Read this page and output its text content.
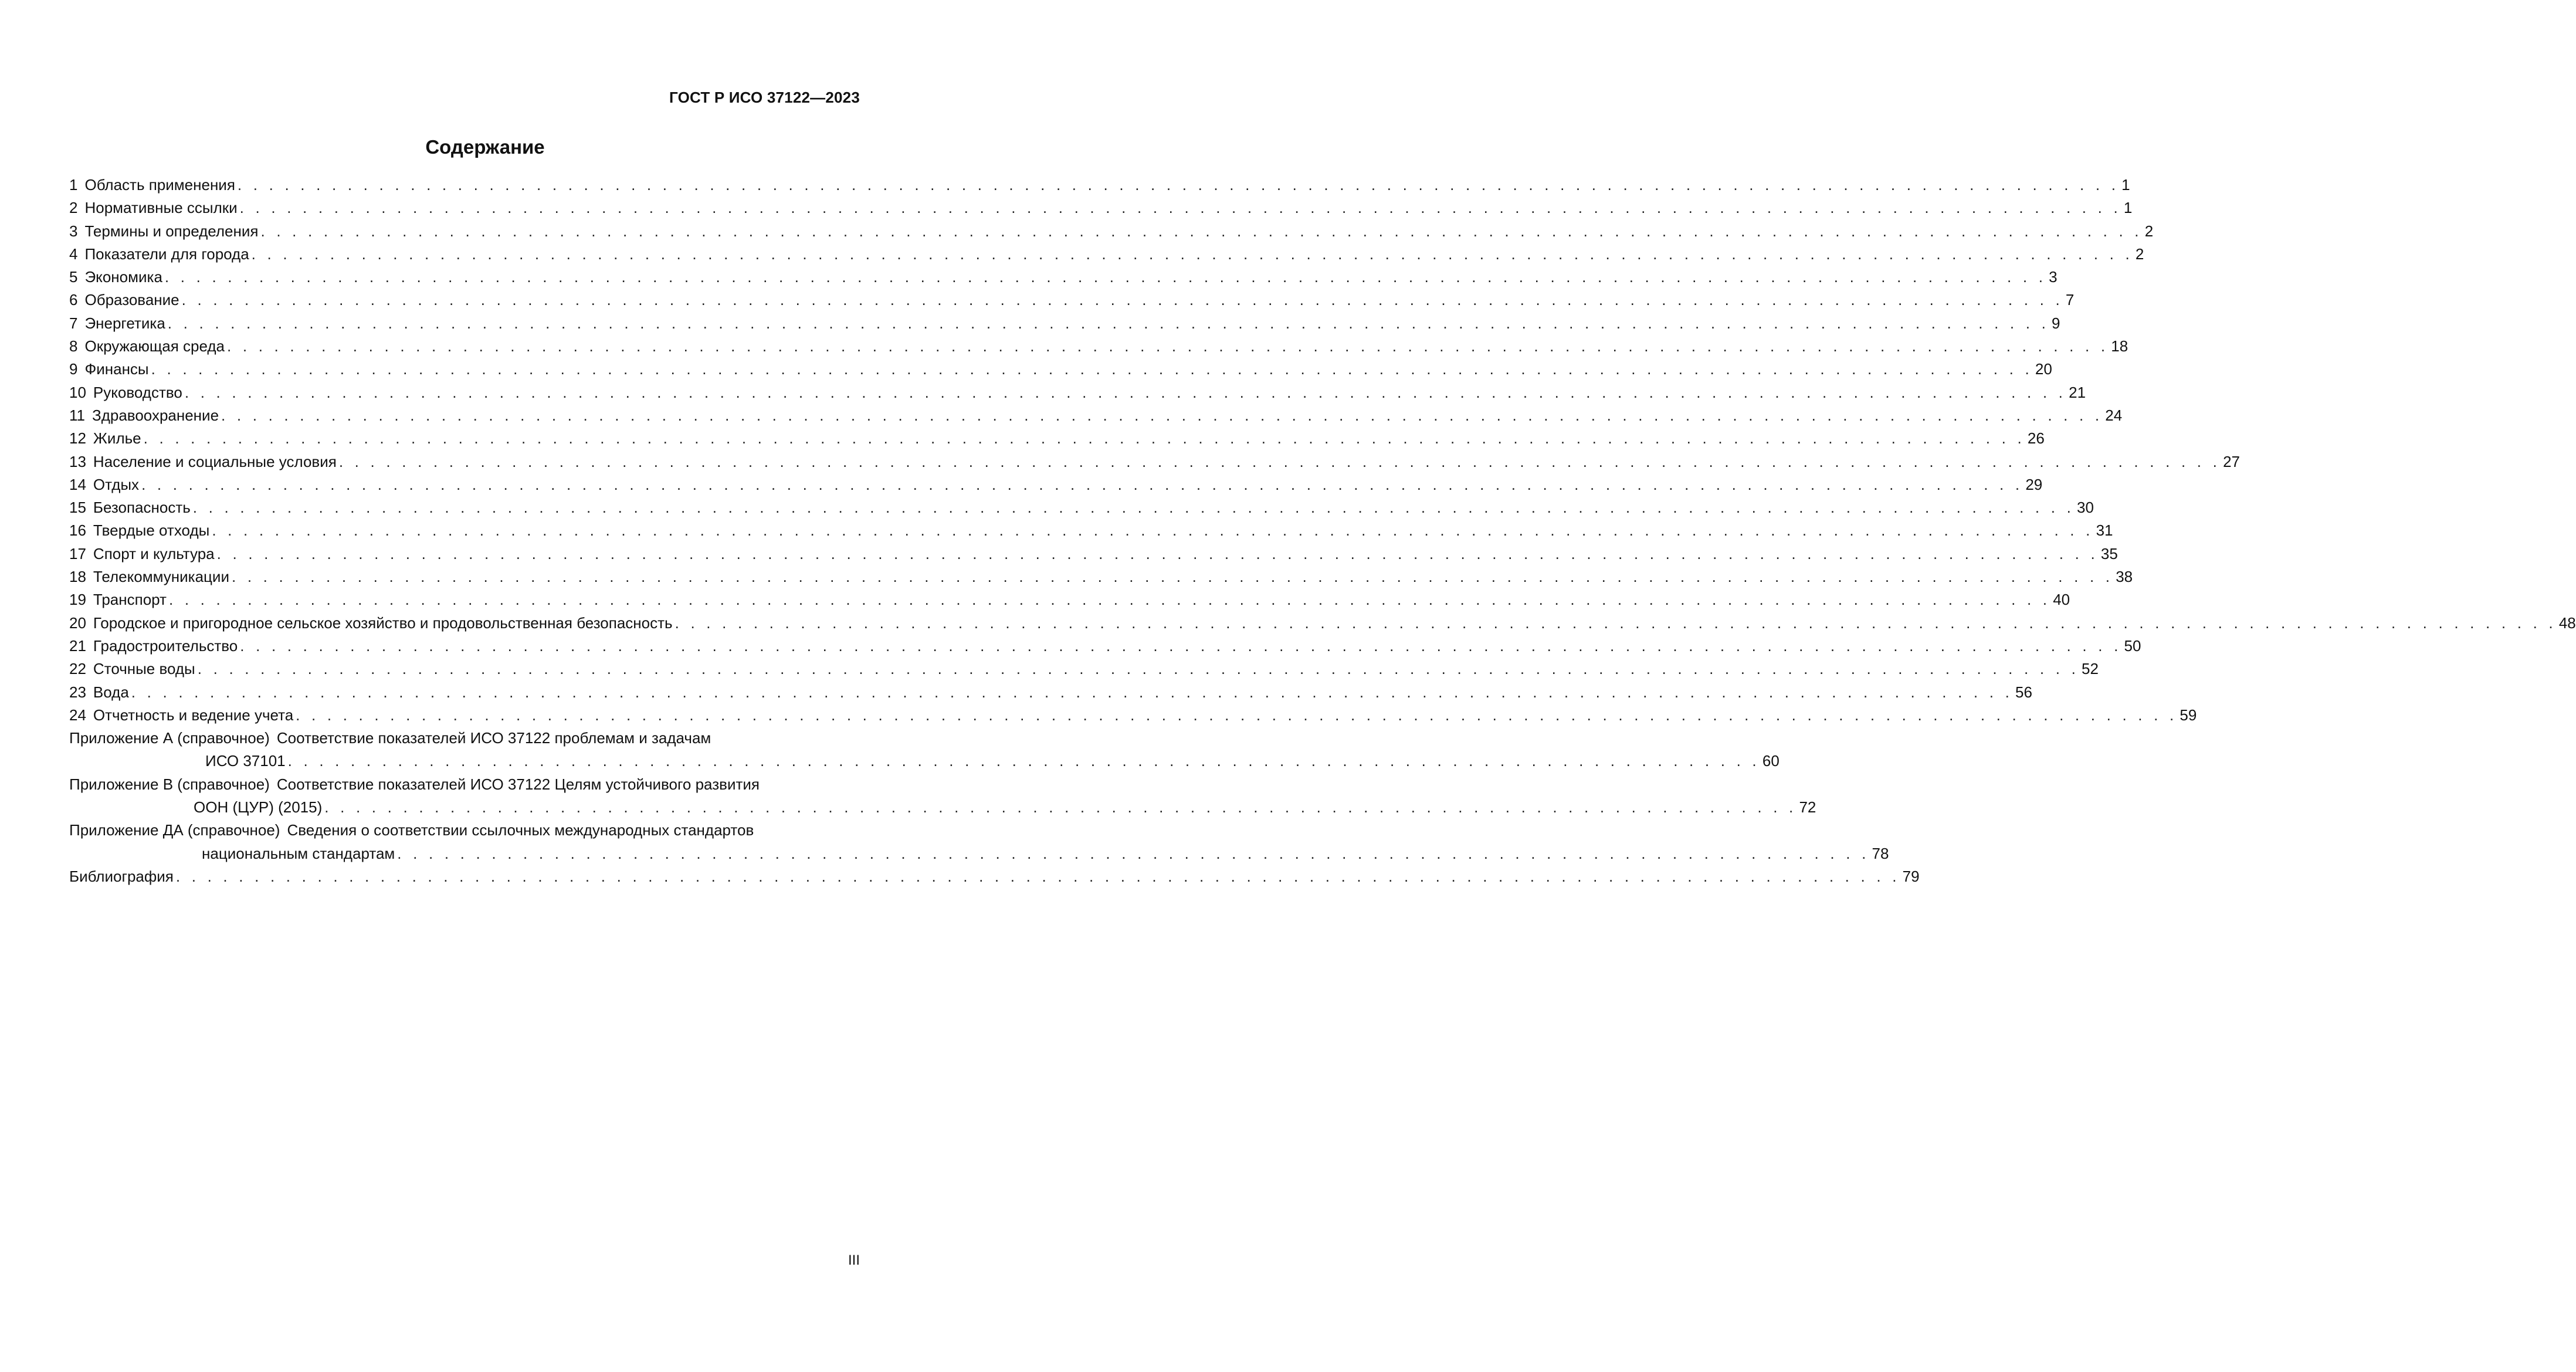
ГОСТ Р ИСО 37122—2023
Содержание
1 Область применения . . . . . . . . . . . . . . . . . . . . . . . . . . . . . . . . . . . . . . . . . . . . . . . . . . . . . . . . . . . . . . . . . . . . . . . . . . . . . . . . . . . . . . . . . . . . . . . . . . . . . . . . . . . . . . . . . . . . . . . . 1
2 Нормативные ссылки . . . . . . . . . . . . . . . . . . . . . . . . . . . . . . . . . . . . . . . . . . . . . . . . . . . . . . . . . . . . . . . . . . . . . . . . . . . . . . . . . . . . . . . . . . . . . . . . . . . . . . . . . . . . . . . . . . . . . . . . 1
3 Термины и определения . . . . . . . . . . . . . . . . . . . . . . . . . . . . . . . . . . . . . . . . . . . . . . . . . . . . . . . . . . . . . . . . . . . . . . . . . . . . . . . . . . . . . . . . . . . . . . . . . . . . . . . . . . . . . . . . . . . . . . . . 2
4 Показатели для города . . . . . . . . . . . . . . . . . . . . . . . . . . . . . . . . . . . . . . . . . . . . . . . . . . . . . . . . . . . . . . . . . . . . . . . . . . . . . . . . . . . . . . . . . . . . . . . . . . . . . . . . . . . . . . . . . . . . . . . . 2
5 Экономика . . . . . . . . . . . . . . . . . . . . . . . . . . . . . . . . . . . . . . . . . . . . . . . . . . . . . . . . . . . . . . . . . . . . . . . . . . . . . . . . . . . . . . . . . . . . . . . . . . . . . . . . . . . . . . . . . . . . . . . . 3
6 Образование . . . . . . . . . . . . . . . . . . . . . . . . . . . . . . . . . . . . . . . . . . . . . . . . . . . . . . . . . . . . . . . . . . . . . . . . . . . . . . . . . . . . . . . . . . . . . . . . . . . . . . . . . . . . . . . . . . . . . . . . 7
7 Энергетика . . . . . . . . . . . . . . . . . . . . . . . . . . . . . . . . . . . . . . . . . . . . . . . . . . . . . . . . . . . . . . . . . . . . . . . . . . . . . . . . . . . . . . . . . . . . . . . . . . . . . . . . . . . . . . . . . . . . . . . . 9
8 Окружающая среда . . . . . . . . . . . . . . . . . . . . . . . . . . . . . . . . . . . . . . . . . . . . . . . . . . . . . . . . . . . . . . . . . . . . . . . . . . . . . . . . . . . . . . . . . . . . . . . . . . . . . . . . . . . . . . . . . . . . . . . . 18
9 Финансы . . . . . . . . . . . . . . . . . . . . . . . . . . . . . . . . . . . . . . . . . . . . . . . . . . . . . . . . . . . . . . . . . . . . . . . . . . . . . . . . . . . . . . . . . . . . . . . . . . . . . . . . . . . . . . . . . . . . . . . . 20
10 Руководство . . . . . . . . . . . . . . . . . . . . . . . . . . . . . . . . . . . . . . . . . . . . . . . . . . . . . . . . . . . . . . . . . . . . . . . . . . . . . . . . . . . . . . . . . . . . . . . . . . . . . . . . . . . . . . . . . . . . . . . . 21
11 Здравоохранение . . . . . . . . . . . . . . . . . . . . . . . . . . . . . . . . . . . . . . . . . . . . . . . . . . . . . . . . . . . . . . . . . . . . . . . . . . . . . . . . . . . . . . . . . . . . . . . . . . . . . . . . . . . . . . . . . . . . . . . . 24
12 Жилье . . . . . . . . . . . . . . . . . . . . . . . . . . . . . . . . . . . . . . . . . . . . . . . . . . . . . . . . . . . . . . . . . . . . . . . . . . . . . . . . . . . . . . . . . . . . . . . . . . . . . . . . . . . . . . . . . . . . . . . . 26
13 Население и социальные условия . . . . . . . . . . . . . . . . . . . . . . . . . . . . . . . . . . . . . . . . . . . . . . . . . . . . . . . . . . . . . . . . . . . . . . . . . . . . . . . . . . . . . . . . . . . . . . . . . . . . . . . . . . . . . . . . . . . . . . . . 27
14 Отдых . . . . . . . . . . . . . . . . . . . . . . . . . . . . . . . . . . . . . . . . . . . . . . . . . . . . . . . . . . . . . . . . . . . . . . . . . . . . . . . . . . . . . . . . . . . . . . . . . . . . . . . . . . . . . . . . . . . . . . . . 29
15 Безопасность . . . . . . . . . . . . . . . . . . . . . . . . . . . . . . . . . . . . . . . . . . . . . . . . . . . . . . . . . . . . . . . . . . . . . . . . . . . . . . . . . . . . . . . . . . . . . . . . . . . . . . . . . . . . . . . . . . . . . . . . 30
16 Твердые отходы . . . . . . . . . . . . . . . . . . . . . . . . . . . . . . . . . . . . . . . . . . . . . . . . . . . . . . . . . . . . . . . . . . . . . . . . . . . . . . . . . . . . . . . . . . . . . . . . . . . . . . . . . . . . . . . . . . . . . . . . 31
17 Спорт и культура . . . . . . . . . . . . . . . . . . . . . . . . . . . . . . . . . . . . . . . . . . . . . . . . . . . . . . . . . . . . . . . . . . . . . . . . . . . . . . . . . . . . . . . . . . . . . . . . . . . . . . . . . . . . . . . . . . . . . . . . 35
18 Телекоммуникации . . . . . . . . . . . . . . . . . . . . . . . . . . . . . . . . . . . . . . . . . . . . . . . . . . . . . . . . . . . . . . . . . . . . . . . . . . . . . . . . . . . . . . . . . . . . . . . . . . . . . . . . . . . . . . . . . . . . . . . . 38
19 Транспорт . . . . . . . . . . . . . . . . . . . . . . . . . . . . . . . . . . . . . . . . . . . . . . . . . . . . . . . . . . . . . . . . . . . . . . . . . . . . . . . . . . . . . . . . . . . . . . . . . . . . . . . . . . . . . . . . . . . . . . . . 40
20 Городское и пригородное сельское хозяйство и продовольственная безопасность . . . . . . . . . . . . . . . . . . . . . . . . . . . . . . . . . . . . . . . . . . . . . . . . . . . . . . . . . . . . . . . . . . . . . . . . . . . . . . . . . . . . . . . . . . . . . . . . . . . . . . . . . . . . . . . . . . . . . . . . 48
21 Градостроительство . . . . . . . . . . . . . . . . . . . . . . . . . . . . . . . . . . . . . . . . . . . . . . . . . . . . . . . . . . . . . . . . . . . . . . . . . . . . . . . . . . . . . . . . . . . . . . . . . . . . . . . . . . . . . . . . . . . . . . . . 50
22 Сточные воды . . . . . . . . . . . . . . . . . . . . . . . . . . . . . . . . . . . . . . . . . . . . . . . . . . . . . . . . . . . . . . . . . . . . . . . . . . . . . . . . . . . . . . . . . . . . . . . . . . . . . . . . . . . . . . . . . . . . . . . . 52
23 Вода . . . . . . . . . . . . . . . . . . . . . . . . . . . . . . . . . . . . . . . . . . . . . . . . . . . . . . . . . . . . . . . . . . . . . . . . . . . . . . . . . . . . . . . . . . . . . . . . . . . . . . . . . . . . . . . . . . . . . . . . 56
24 Отчетность и ведение учета . . . . . . . . . . . . . . . . . . . . . . . . . . . . . . . . . . . . . . . . . . . . . . . . . . . . . . . . . . . . . . . . . . . . . . . . . . . . . . . . . . . . . . . . . . . . . . . . . . . . . . . . . . . . . . . . . . . . . . . . 59
Приложение А (справочное) Соответствие показателей ИСО 37122 проблемам и задачам
ИСО 37101 . . . . . . . . . . . . . . . . . . . . . . . . . . . . . . . . . . . . . . . . . . . . . . . . . . . . . . . . . . . . . . . . . . . . . . . . . . . . . . . . . . . . . . . . . . . . . . 60
Приложение В (справочное) Соответствие показателей ИСО 37122 Целям устойчивого развития
ООН (ЦУР) (2015) . . . . . . . . . . . . . . . . . . . . . . . . . . . . . . . . . . . . . . . . . . . . . . . . . . . . . . . . . . . . . . . . . . . . . . . . . . . . . . . . . . . . . . . . . . . . . . 72
Приложение ДА (справочное) Сведения о соответствии ссылочных международных стандартов
национальным стандартам . . . . . . . . . . . . . . . . . . . . . . . . . . . . . . . . . . . . . . . . . . . . . . . . . . . . . . . . . . . . . . . . . . . . . . . . . . . . . . . . . . . . . . . . . . . . . . 78
Библиография . . . . . . . . . . . . . . . . . . . . . . . . . . . . . . . . . . . . . . . . . . . . . . . . . . . . . . . . . . . . . . . . . . . . . . . . . . . . . . . . . . . . . . . . . . . . . . . . . . . . . . . . . . . . . . 79
III
